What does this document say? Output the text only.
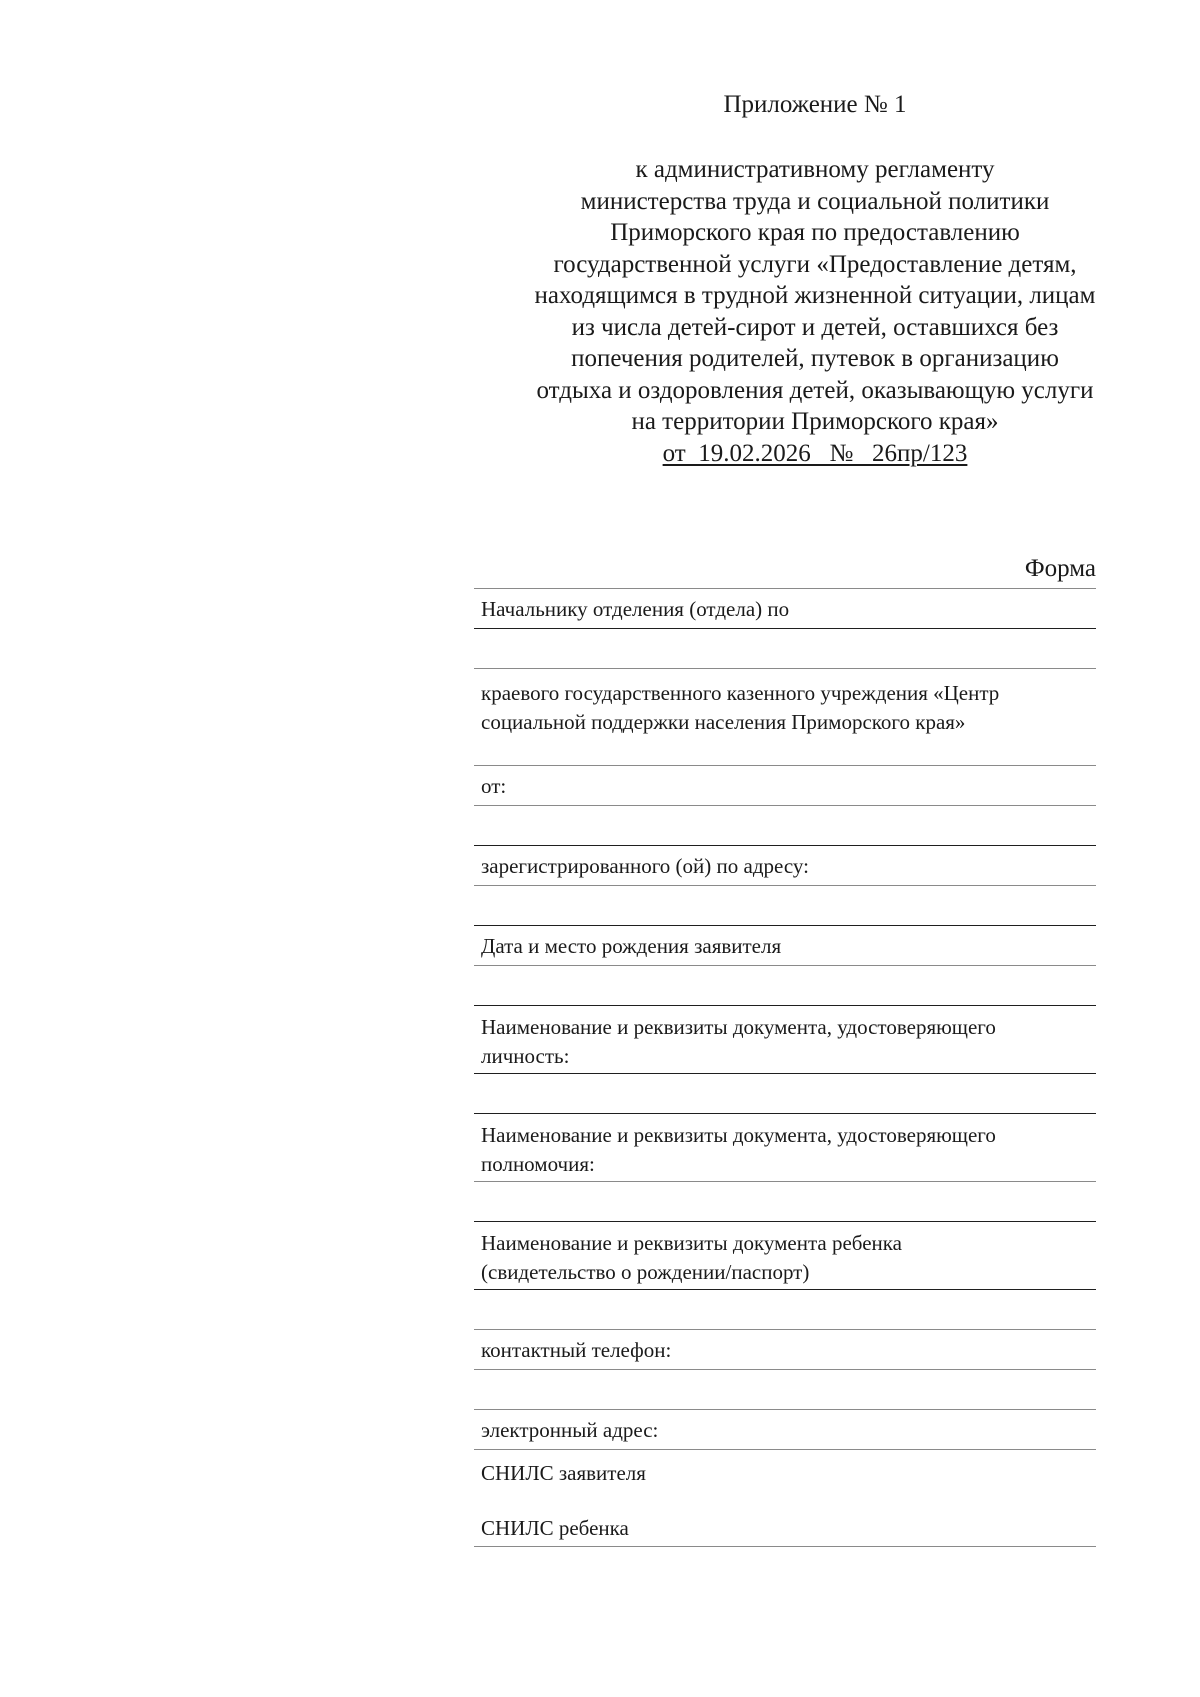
Приложение № 1
к административному регламенту
министерства труда и социальной политики
Приморского края по предоставлению
государственной услуги «Предоставление детям,
находящимся в трудной жизненной ситуации, лицам
из числа детей-сирот и детей, оставшихся без
попечения родителей, путевок в организацию
отдыха и оздоровления детей, оказывающую услуги
на территории Приморского края»
от  19.02.2026   №   26пр/123
Форма
Начальнику отделения (отдела) по
краевого государственного казенного учреждения «Центр
социальной поддержки населения Приморского края»
от:
зарегистрированного (ой) по адресу:
Дата и место рождения заявителя
Наименование и реквизиты документа, удостоверяющего
личность:
Наименование и реквизиты документа, удостоверяющего
полномочия:
Наименование и реквизиты документа ребенка
(свидетельство о рождении/паспорт)
контактный телефон:
электронный адрес:
СНИЛС заявителя
СНИЛС ребенка
